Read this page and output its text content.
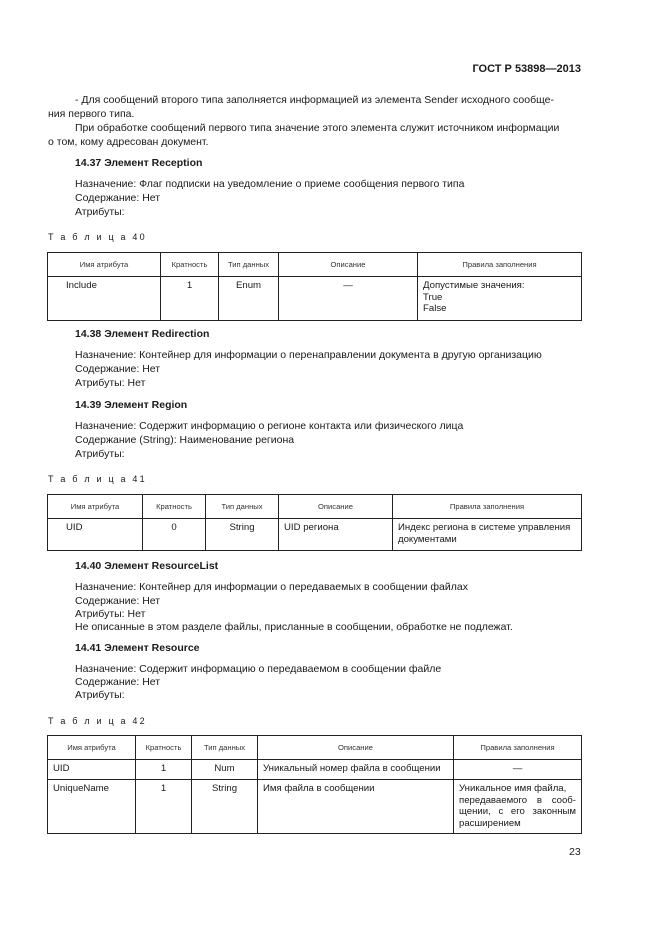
ГОСТ Р 53898—2013
- Для сообщений второго типа заполняется информацией из элемента Sender исходного сообще-
ния первого типа.
При обработке сообщений первого типа значение этого элемента служит источником информации
о том, кому адресован документ.
14.37 Элемент Reception
Назначение: Флаг подписки на уведомление о приеме сообщения первого типа
Содержание: Нет
Атрибуты:
Т а б л и ц а 40
Имя атрибута	Кратность	Тип данных	Описание	Правила заполнения
Include	1	Enum	—	Допустимые значения:
True
False
14.38 Элемент Redirection
Назначение: Контейнер для информации о перенаправлении документа в другую организацию
Содержание: Нет
Атрибуты: Нет
14.39 Элемент Region
Назначение: Содержит информацию о регионе контакта или физического лица
Содержание (String): Наименование региона
Атрибуты:
Т а б л и ц а 41
Имя атрибута	Кратность	Тип данных	Описание	Правила заполнения
UID	0	String	UID региона	Индекс региона в системе управления
документами
14.40 Элемент ResourceList
Назначение: Контейнер для информации о передаваемых в сообщении файлах
Содержание: Нет
Атрибуты: Нет
Не описанные в этом разделе файлы, присланные в сообщении, обработке не подлежат.
14.41 Элемент Resource
Назначение: Содержит информацию о передаваемом в сообщении файле
Содержание: Нет
Атрибуты:
Т а б л и ц а 42
Имя атрибута	Кратность	Тип данных	Описание	Правила заполнения
UID	1	Num	Уникальный номер файла в сообщении	—
UniqueName	1	String	Имя файла в сообщении	Уникальное имя файла,
передаваемого в сооб-
щении, с его законным
расширением
23
